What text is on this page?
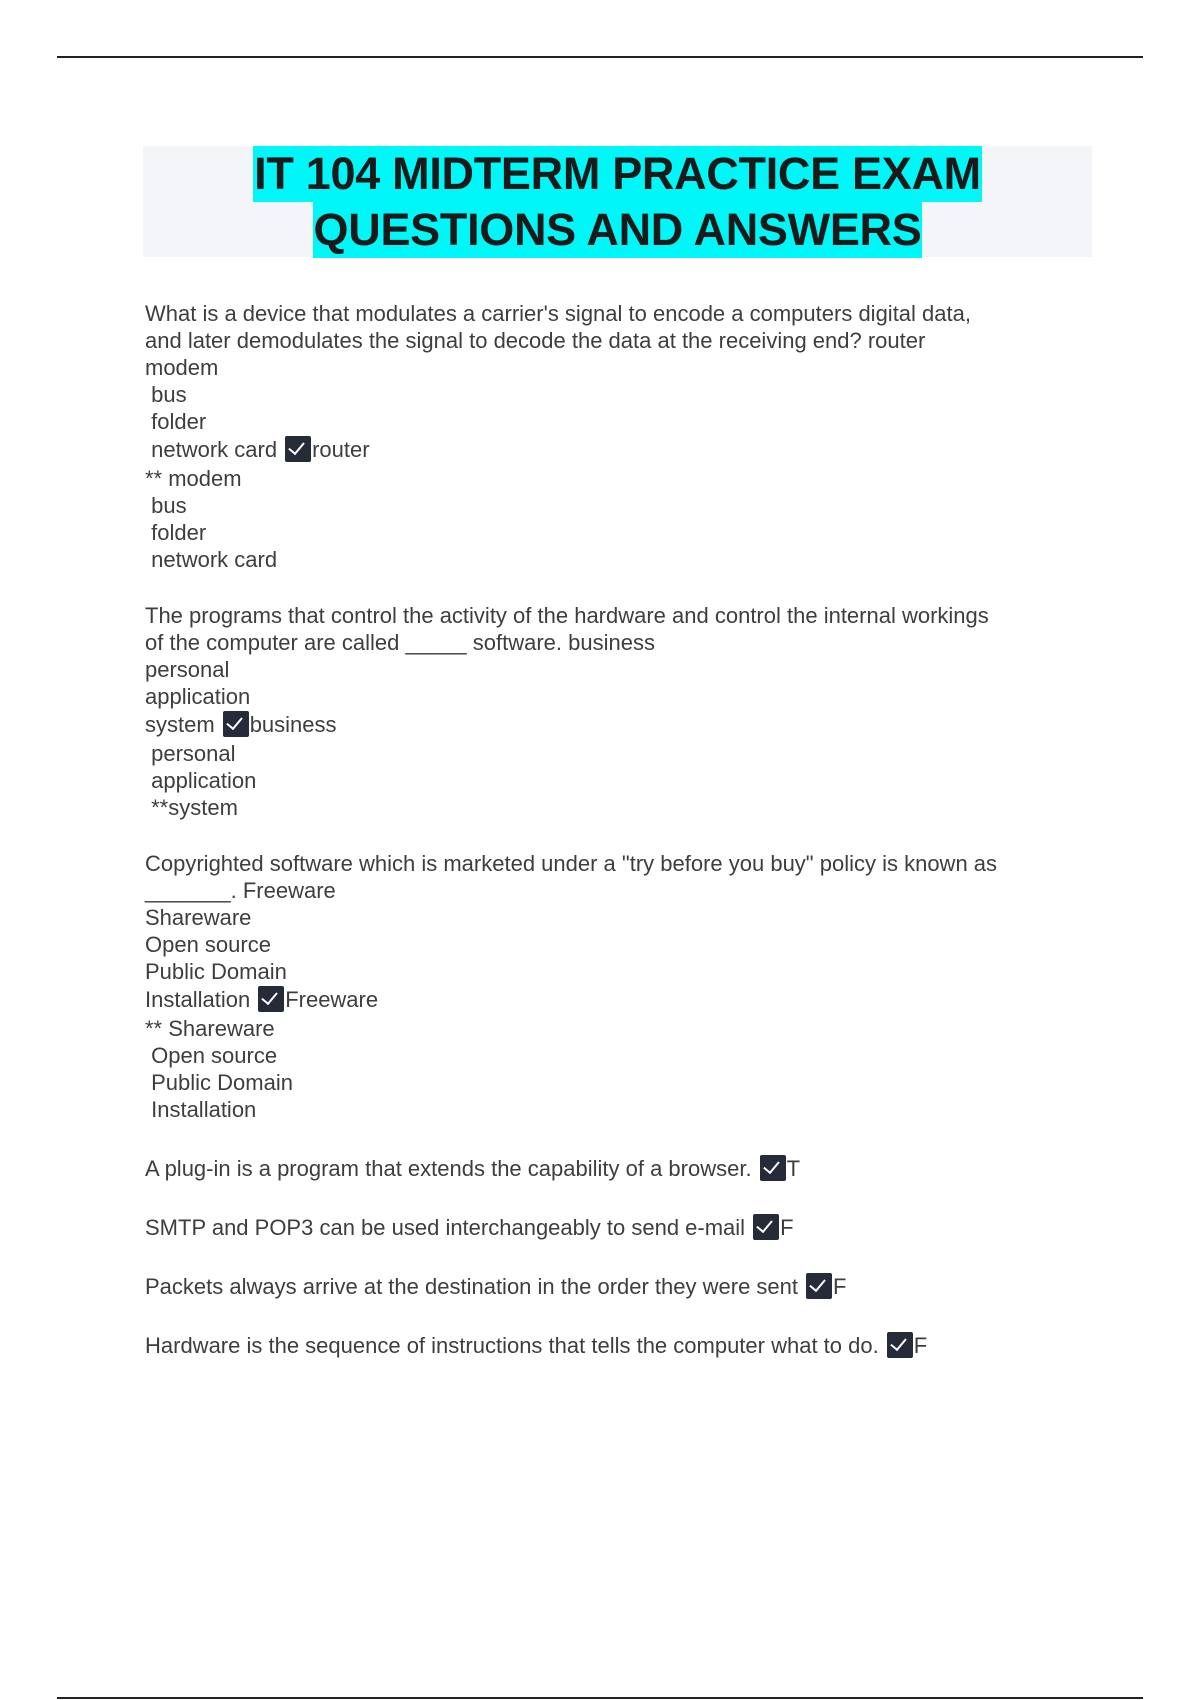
IT 104 MIDTERM PRACTICE EXAM
QUESTIONS AND ANSWERS
What is a device that modulates a carrier's signal to encode a computers digital data,
and later demodulates the signal to decode the data at the receiving end? router
modem
bus
folder
network card router
** modem
bus
folder
network card
The programs that control the activity of the hardware and control the internal workings
of the computer are called _____ software. business
personal
application
system business
personal
application
**system
Copyrighted software which is marketed under a "try before you buy" policy is known as
_______. Freeware
Shareware
Open source
Public Domain
Installation Freeware
** Shareware
Open source
Public Domain
Installation
A plug-in is a program that extends the capability of a browser. T
SMTP and POP3 can be used interchangeably to send e-mail F
Packets always arrive at the destination in the order they were sent F
Hardware is the sequence of instructions that tells the computer what to do. F
